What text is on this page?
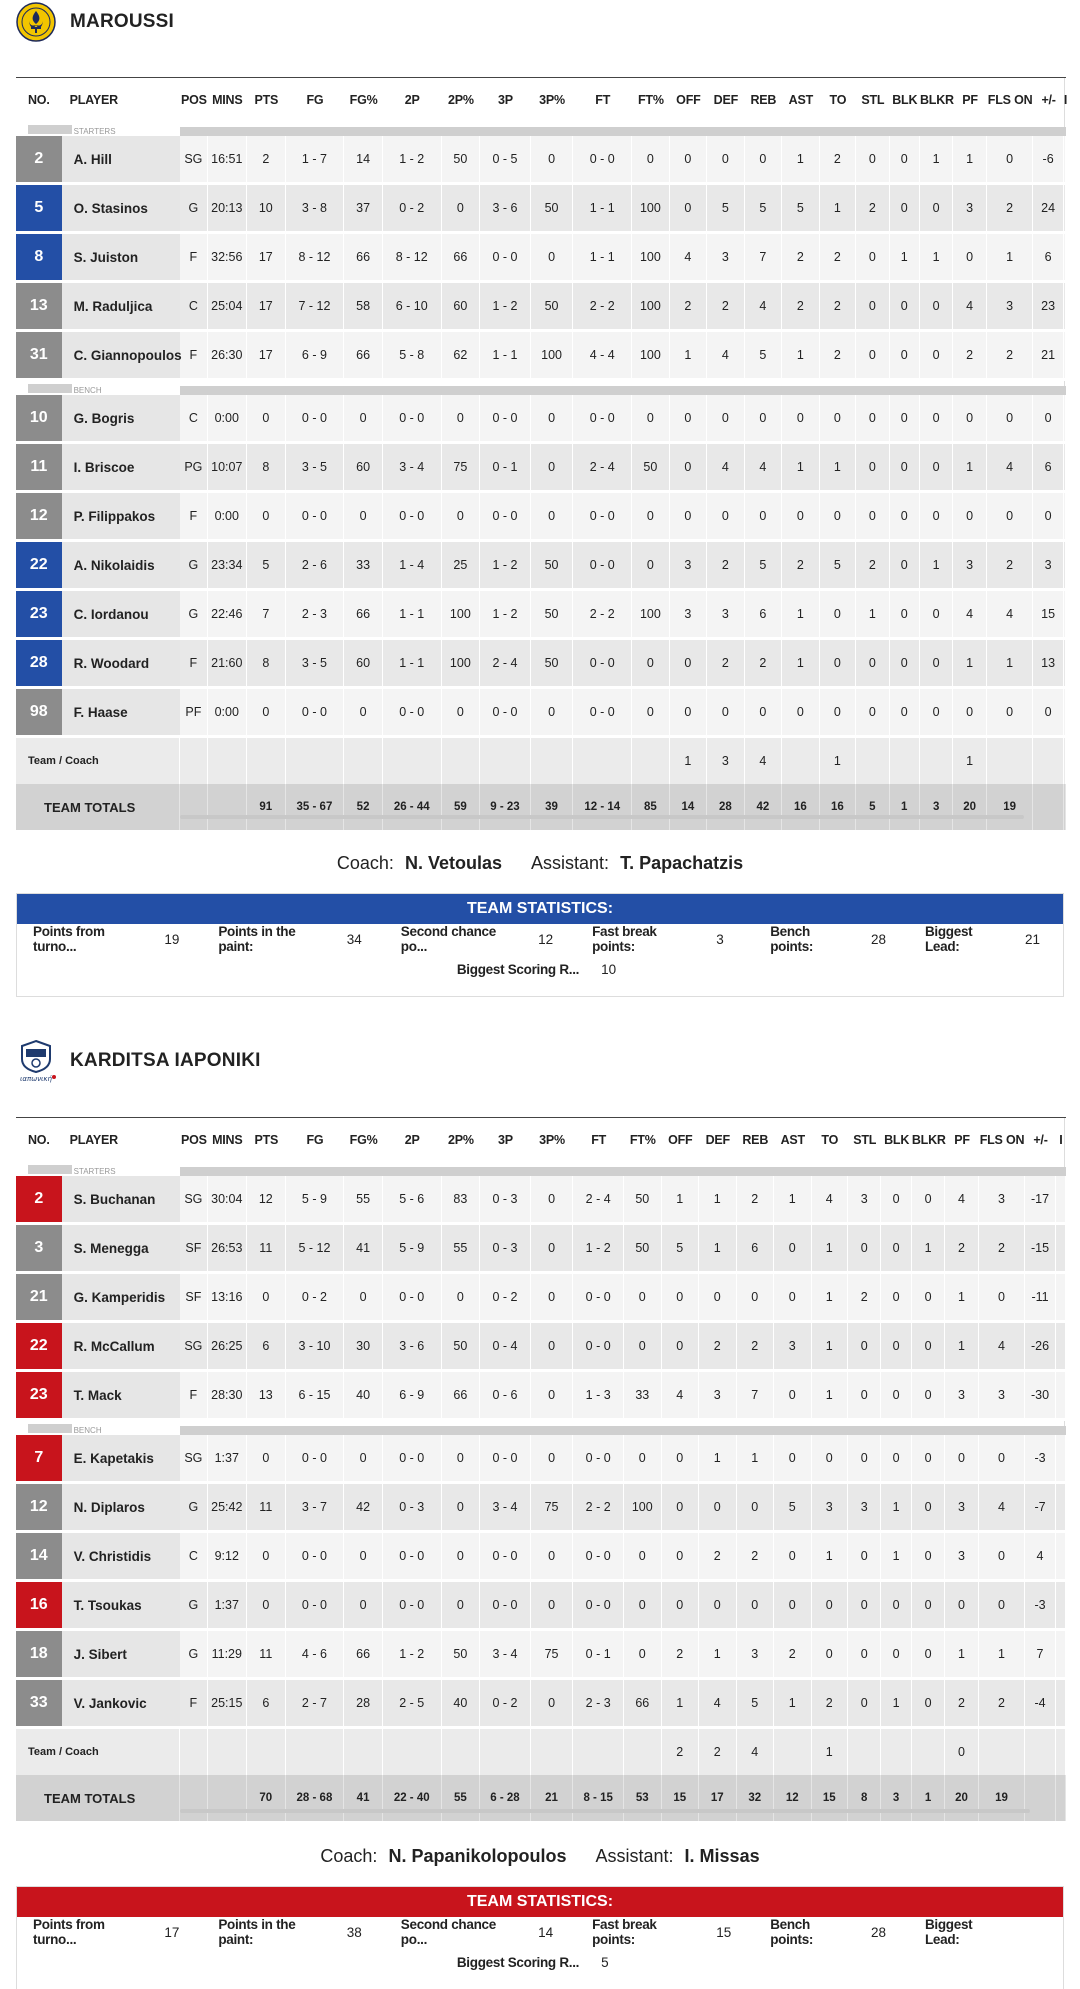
MAROUSSI
NO.	PLAYER	POS	MINS	PTS	FG	FG%	2P	2P%	3P	3P%	FT	FT%	OFF	DEF	REB	AST	TO	STL	BLK	BLKR	PF	FLS ON	+/-	I
	STARTERS																							

2	A. Hill	SG	16:51	2	1 - 7	14	1 - 2	50	0 - 5	0	0 - 0	0	0	0	0	1	2	0	0	1	1	0	-6	
5	O. Stasinos	G	20:13	10	3 - 8	37	0 - 2	0	3 - 6	50	1 - 1	100	0	5	5	5	1	2	0	0	3	2	24	
8	S. Juiston	F	32:56	17	8 - 12	66	8 - 12	66	0 - 0	0	1 - 1	100	4	3	7	2	2	0	1	1	0	1	6	
13	M. Raduljica	C	25:04	17	7 - 12	58	6 - 10	60	1 - 2	50	2 - 2	100	2	2	4	2	2	0	0	0	4	3	23	
31	C. Giannopoulos	F	26:30	17	6 - 9	66	5 - 8	62	1 - 1	100	4 - 4	100	1	4	5	1	2	0	0	0	2	2	21	
	BENCH																							

10	G. Bogris	C	0:00	0	0 - 0	0	0 - 0	0	0 - 0	0	0 - 0	0	0	0	0	0	0	0	0	0	0	0	0	
11	I. Briscoe	PG	10:07	8	3 - 5	60	3 - 4	75	0 - 1	0	2 - 4	50	0	4	4	1	1	0	0	0	1	4	6	
12	P. Filippakos	F	0:00	0	0 - 0	0	0 - 0	0	0 - 0	0	0 - 0	0	0	0	0	0	0	0	0	0	0	0	0	
22	A. Nikolaidis	G	23:34	5	2 - 6	33	1 - 4	25	1 - 2	50	0 - 0	0	3	2	5	2	5	2	0	1	3	2	3	
23	C. Iordanou	G	22:46	7	2 - 3	66	1 - 1	100	1 - 2	50	2 - 2	100	3	3	6	1	0	1	0	0	4	4	15	
28	R. Woodard	F	21:60	8	3 - 5	60	1 - 1	100	2 - 4	50	0 - 0	0	0	2	2	1	0	0	0	0	1	1	13	
98	F. Haase	PF	0:00	0	0 - 0	0	0 - 0	0	0 - 0	0	0 - 0	0	0	0	0	0	0	0	0	0	0	0	0	
Team / Coach													1	3	4		1				1			
TEAM TOTALS				91	35 - 67	52	26 - 44	59	9 - 23	39	12 - 14	85	14	28	42	16	16	5	1	3	20	19		
Coach: N. Vetoulas Assistant: T. Papachatzis
TEAM STATISTICS:
Points from turno...	19	Points in the paint:	34	Second chance po...	12	Fast break points:	3	Bench points:	28	Biggest Lead:	21
Biggest Scoring R... 10
ιαπωνική
KARDITSA IAPONIKI
NO.	PLAYER	POS	MINS	PTS	FG	FG%	2P	2P%	3P	3P%	FT	FT%	OFF	DEF	REB	AST	TO	STL	BLK	BLKR	PF	FLS ON	+/-	I
	STARTERS																							

2	S. Buchanan	SG	30:04	12	5 - 9	55	5 - 6	83	0 - 3	0	2 - 4	50	1	1	2	1	4	3	0	0	4	3	-17	
3	S. Menegga	SF	26:53	11	5 - 12	41	5 - 9	55	0 - 3	0	1 - 2	50	5	1	6	0	1	0	0	1	2	2	-15	
21	G. Kamperidis	SF	13:16	0	0 - 2	0	0 - 0	0	0 - 2	0	0 - 0	0	0	0	0	0	1	2	0	0	1	0	-11	
22	R. McCallum	SG	26:25	6	3 - 10	30	3 - 6	50	0 - 4	0	0 - 0	0	0	2	2	3	1	0	0	0	1	4	-26	
23	T. Mack	F	28:30	13	6 - 15	40	6 - 9	66	0 - 6	0	1 - 3	33	4	3	7	0	1	0	0	0	3	3	-30	
	BENCH																							

7	E. Kapetakis	SG	1:37	0	0 - 0	0	0 - 0	0	0 - 0	0	0 - 0	0	0	1	1	0	0	0	0	0	0	0	-3	
12	N. Diplaros	G	25:42	11	3 - 7	42	0 - 3	0	3 - 4	75	2 - 2	100	0	0	0	5	3	3	1	0	3	4	-7	
14	V. Christidis	C	9:12	0	0 - 0	0	0 - 0	0	0 - 0	0	0 - 0	0	0	2	2	0	1	0	1	0	3	0	4	
16	T. Tsoukas	G	1:37	0	0 - 0	0	0 - 0	0	0 - 0	0	0 - 0	0	0	0	0	0	0	0	0	0	0	0	-3	
18	J. Sibert	G	11:29	11	4 - 6	66	1 - 2	50	3 - 4	75	0 - 1	0	2	1	3	2	0	0	0	0	1	1	7	
33	V. Jankovic	F	25:15	6	2 - 7	28	2 - 5	40	0 - 2	0	2 - 3	66	1	4	5	1	2	0	1	0	2	2	-4	
Team / Coach													2	2	4		1				0			
TEAM TOTALS				70	28 - 68	41	22 - 40	55	6 - 28	21	8 - 15	53	15	17	32	12	15	8	3	1	20	19		
Coach: N. Papanikolopoulos Assistant: I. Missas
TEAM STATISTICS:
Points from turno...	17	Points in the paint:	38	Second chance po...	14	Fast break points:	15	Bench points:	28	Biggest Lead:
Biggest Scoring R... 5
